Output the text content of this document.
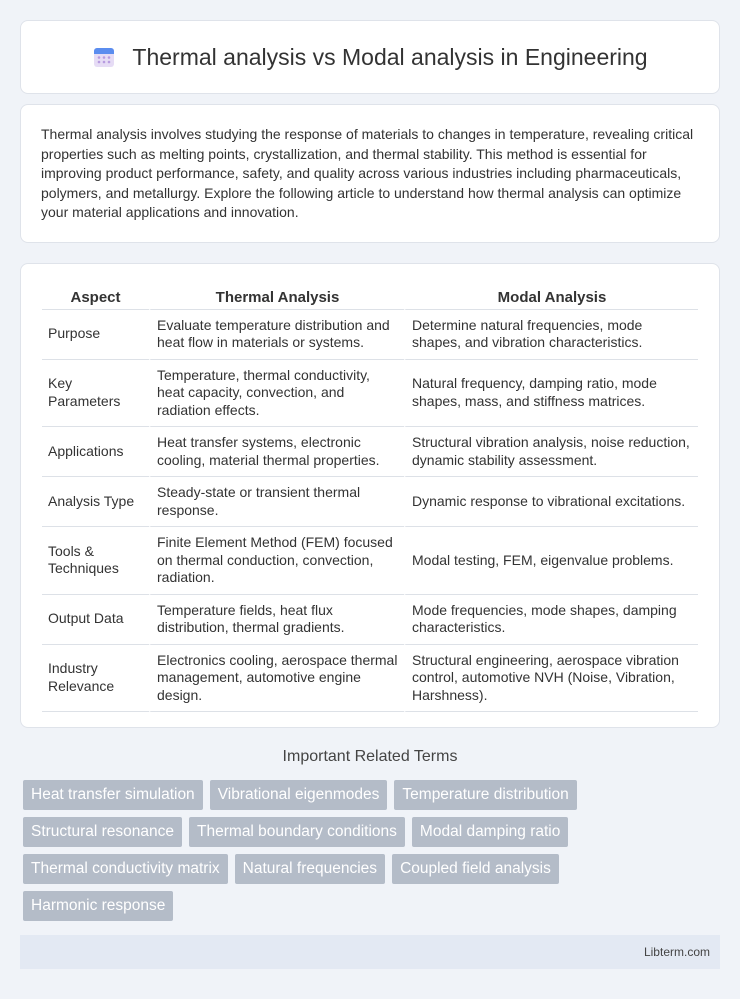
Thermal analysis vs Modal analysis in Engineering

Thermal analysis involves studying the response of materials to changes in temperature, revealing critical properties such as melting points, crystallization, and thermal stability. This method is essential for improving product performance, safety, and quality across various industries including pharmaceuticals, polymers, and metallurgy. Explore the following article to understand how thermal analysis can optimize your material applications and innovation.

Aspect	Thermal Analysis	Modal Analysis
Purpose	Evaluate temperature distribution and heat flow in materials or systems.	Determine natural frequencies, mode shapes, and vibration characteristics.
Key Parameters	Temperature, thermal conductivity, heat capacity, convection, and radiation effects.	Natural frequency, damping ratio, mode shapes, mass, and stiffness matrices.
Applications	Heat transfer systems, electronic cooling, material thermal properties.	Structural vibration analysis, noise reduction, dynamic stability assessment.
Analysis Type	Steady-state or transient thermal response.	Dynamic response to vibrational excitations.
Tools & Techniques	Finite Element Method (FEM) focused on thermal conduction, convection, radiation.	Modal testing, FEM, eigenvalue problems.
Output Data	Temperature fields, heat flux distribution, thermal gradients.	Mode frequencies, mode shapes, damping characteristics.
Industry Relevance	Electronics cooling, aerospace thermal management, automotive engine design.	Structural engineering, aerospace vibration control, automotive NVH (Noise, Vibration, Harshness).
Important Related Terms
Heat transfer simulation	Vibrational eigenmodes	Temperature distribution
Structural resonance	Thermal boundary conditions	Modal damping ratio
Thermal conductivity matrix	Natural frequencies	Coupled field analysis
Harmonic response
Libterm.com
